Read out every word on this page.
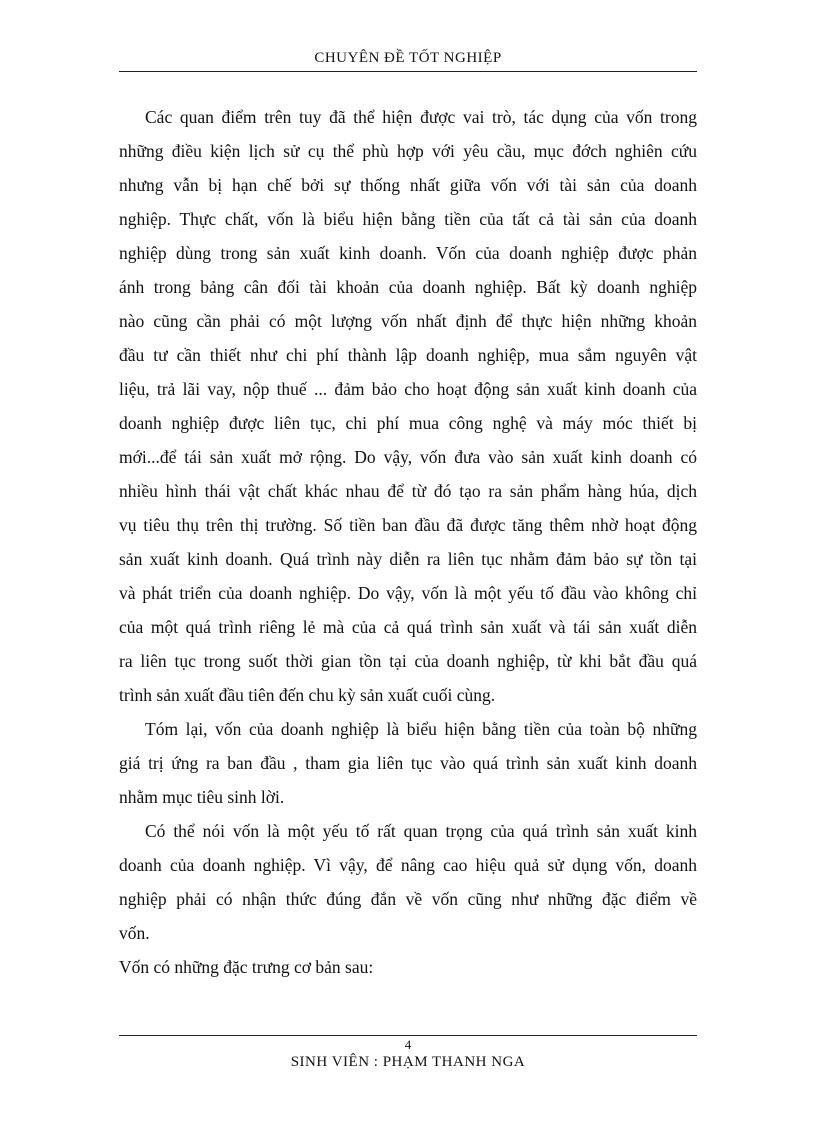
CHUYÊN ĐỀ TỐT NGHIỆP
Các quan điểm trên tuy đã thể hiện được vai trò, tác dụng của vốn trong
những điều kiện lịch sử cụ thể phù hợp với yêu cầu, mục đớch nghiên cứu
nhưng vẫn bị hạn chế bởi sự thống nhất giữa vốn với tài sản của doanh
nghiệp. Thực chất, vốn là biểu hiện bằng tiền của tất cả tài sản của doanh
nghiệp dùng trong sản xuất kinh doanh. Vốn của doanh nghiệp được phản
ánh trong bảng cân đối tài khoản của doanh nghiệp. Bất kỳ doanh nghiệp
nào cũng cần phải có một lượng vốn nhất định để thực hiện những khoản
đầu tư cần thiết như chi phí thành lập doanh nghiệp, mua sắm nguyên vật
liệu, trả lãi vay, nộp thuế ... đảm bảo cho hoạt động sản xuất kinh doanh của
doanh nghiệp được liên tục, chi phí mua công nghệ và máy móc thiết bị
mới...để tái sản xuất mở rộng. Do vậy, vốn đưa vào sản xuất kinh doanh có
nhiều hình thái vật chất khác nhau để từ đó tạo ra sản phẩm hàng húa, dịch
vụ tiêu thụ trên thị trường. Số tiền ban đầu đã được tăng thêm nhờ hoạt động
sản xuất kinh doanh. Quá trình này diễn ra liên tục nhằm đảm bảo sự tồn tại
và phát triển của doanh nghiệp. Do vậy, vốn là một yếu tố đầu vào không chỉ
của một quá trình riêng lẻ mà của cả quá trình sản xuất và tái sản xuất diễn
ra liên tục trong suốt thời gian tồn tại của doanh nghiệp, từ khi bắt đầu quá
trình sản xuất đầu tiên đến chu kỳ sản xuất cuối cùng.
Tóm lại, vốn của doanh nghiệp là biểu hiện bằng tiền của toàn bộ những
giá trị ứng ra ban đầu , tham gia liên tục vào quá trình sản xuất kinh doanh
nhằm mục tiêu sinh lời.
Có thể nói vốn là một yếu tố rất quan trọng của quá trình sản xuất kinh
doanh của doanh nghiệp. Vì vậy, để nâng cao hiệu quả sử dụng vốn, doanh
nghiệp phải có nhận thức đúng đắn về vốn cũng như những đặc điểm về
vốn.
Vốn có những đặc trưng cơ bản sau:
4
SINH VIÊN : PHẠM THANH NGA
